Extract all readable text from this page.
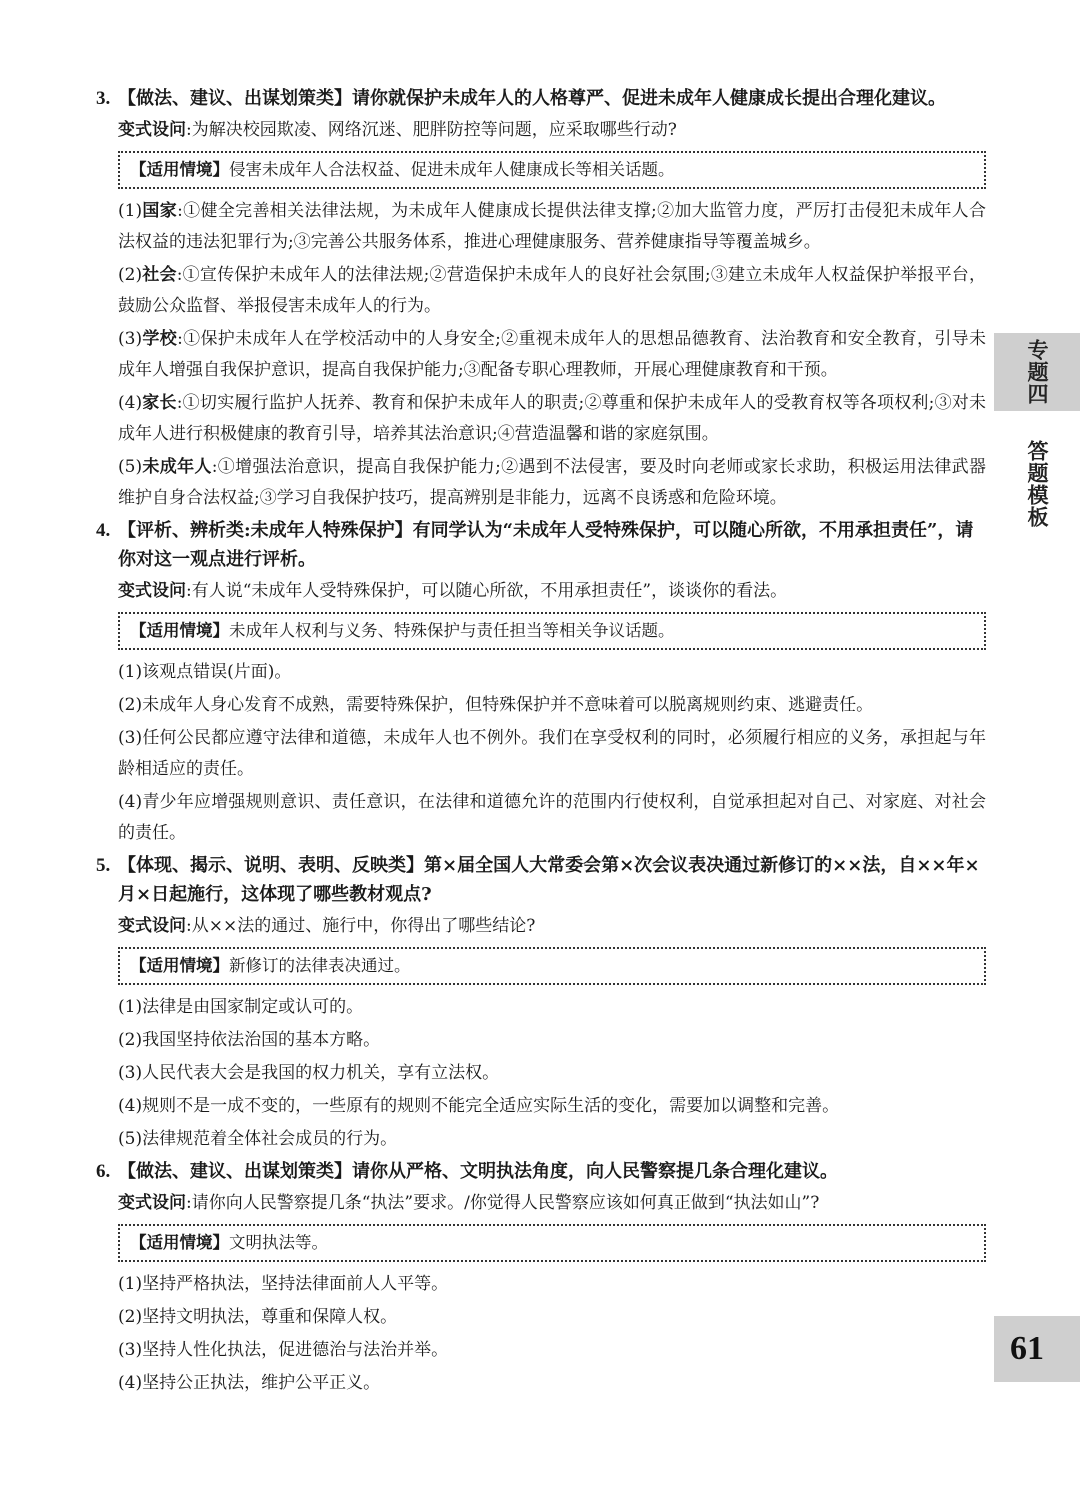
3. 【做法、建议、出谋划策类】请你就保护未成年人的人格尊严、促进未成年人健康成长提出合理化建议。

变式设问:为解决校园欺凌、网络沉迷、肥胖防控等问题，应采取哪些行动?
【适用情境】侵害未成年人合法权益、促进未成年人健康成长等相关话题。
(1)国家:①健全完善相关法律法规，为未成年人健康成长提供法律支撑;②加大监管力度，严厉打击侵犯未成年人合法权益的违法犯罪行为;③完善公共服务体系，推进心理健康服务、营养健康指导等覆盖城乡。
(2)社会:①宣传保护未成年人的法律法规;②营造保护未成年人的良好社会氛围;③建立未成年人权益保护举报平台，鼓励公众监督、举报侵害未成年人的行为。
(3)学校:①保护未成年人在学校活动中的人身安全;②重视未成年人的思想品德教育、法治教育和安全教育，引导未成年人增强自我保护意识，提高自我保护能力;③配备专职心理教师，开展心理健康教育和干预。
(4)家长:①切实履行监护人抚养、教育和保护未成年人的职责;②尊重和保护未成年人的受教育权等各项权利;③对未成年人进行积极健康的教育引导，培养其法治意识;④营造温馨和谐的家庭氛围。
(5)未成年人:①增强法治意识，提高自我保护能力;②遇到不法侵害，要及时向老师或家长求助，积极运用法律武器维护自身合法权益;③学习自我保护技巧，提高辨别是非能力，远离不良诱惑和危险环境。

4. 【评析、辨析类:未成年人特殊保护】有同学认为“未成年人受特殊保护，可以随心所欲，不用承担责任”，请你对这一观点进行评析。

变式设问:有人说“未成年人受特殊保护，可以随心所欲，不用承担责任”，谈谈你的看法。
【适用情境】未成年人权利与义务、特殊保护与责任担当等相关争议话题。
(1)该观点错误(片面)。
(2)未成年人身心发育不成熟，需要特殊保护，但特殊保护并不意味着可以脱离规则约束、逃避责任。
(3)任何公民都应遵守法律和道德，未成年人也不例外。我们在享受权利的同时，必须履行相应的义务，承担起与年龄相适应的责任。
(4)青少年应增强规则意识、责任意识，在法律和道德允许的范围内行使权利，自觉承担起对自己、对家庭、对社会的责任。

5. 【体现、揭示、说明、表明、反映类】第×届全国人大常委会第×次会议表决通过新修订的××法，自××年×月×日起施行，这体现了哪些教材观点?

变式设问:从××法的通过、施行中，你得出了哪些结论?
【适用情境】新修订的法律表决通过。
(1)法律是由国家制定或认可的。
(2)我国坚持依法治国的基本方略。
(3)人民代表大会是我国的权力机关，享有立法权。
(4)规则不是一成不变的，一些原有的规则不能完全适应实际生活的变化，需要加以调整和完善。
(5)法律规范着全体社会成员的行为。

6. 【做法、建议、出谋划策类】请你从严格、文明执法角度，向人民警察提几条合理化建议。

变式设问:请你向人民警察提几条“执法”要求。/你觉得人民警察应该如何真正做到“执法如山”?
【适用情境】文明执法等。
(1)坚持严格执法，坚持法律面前人人平等。
(2)坚持文明执法，尊重和保障人权。
(3)坚持人性化执法，促进德治与法治并举。
(4)坚持公正执法，维护公平正义。
专题四
答题模板
61
